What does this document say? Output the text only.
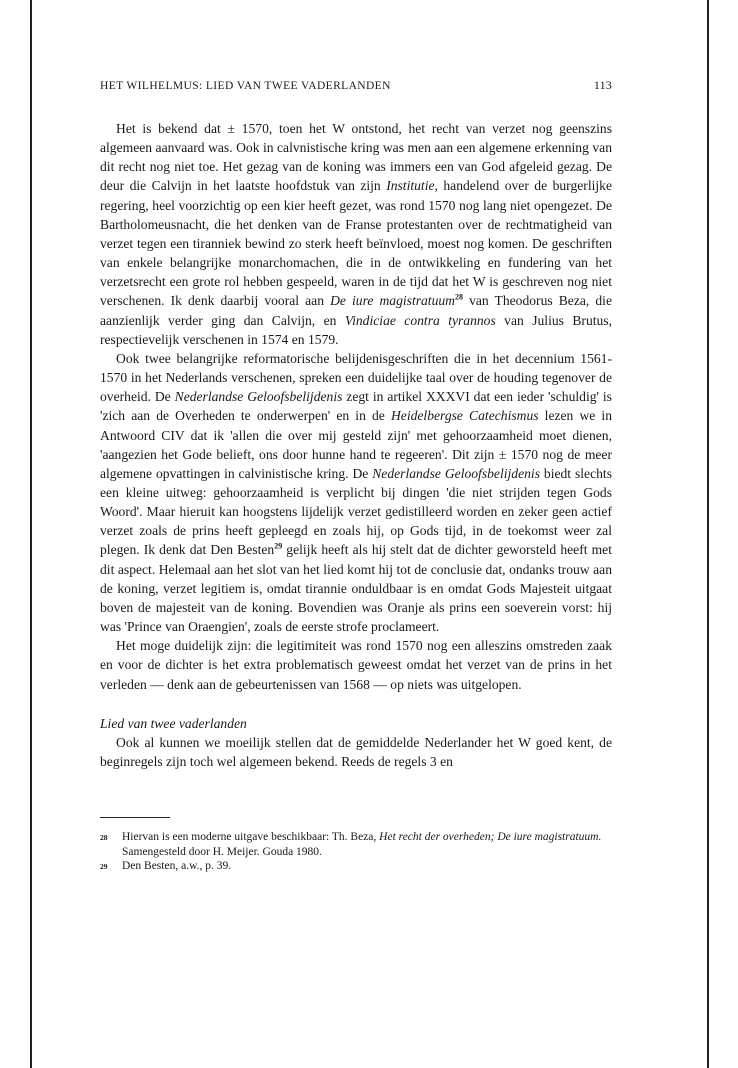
HET WILHELMUS: LIED VAN TWEE VADERLANDEN	113

Het is bekend dat ± 1570, toen het W ontstond, het recht van verzet nog geenszins algemeen aanvaard was. Ook in calvnistische kring was men aan een algemene erkenning van dit recht nog niet toe. Het gezag van de koning was immers een van God afgeleid gezag. De deur die Calvijn in het laatste hoofdstuk van zijn Institutie, handelend over de burgerlijke regering, heel voorzichtig op een kier heeft gezet, was rond 1570 nog lang niet opengezet. De Bartholomeusnacht, die het denken van de Franse protestanten over de rechtmatigheid van verzet tegen een tiranniek bewind zo sterk heeft beïnvloed, moest nog komen. De geschriften van enkele belangrijke monarchomachen, die in de ontwikkeling en fundering van het verzetsrecht een grote rol hebben gespeeld, waren in de tijd dat het W is geschreven nog niet verschenen. Ik denk daarbij vooral aan De iure magistratuum$^{28}$ van Theodorus Beza, die aanzienlijk verder ging dan Calvijn, en Vindiciae contra tyrannos van Julius Brutus, respectievelijk verschenen in 1574 en 1579.

Ook twee belangrijke reformatorische belijdenisgeschriften die in het decennium 1561-1570 in het Nederlands verschenen, spreken een duidelijke taal over de houding tegenover de overheid. De Nederlandse Geloofsbelijdenis zegt in artikel XXXVI dat een ieder 'schuldig' is 'zich aan de Overheden te onderwerpen' en in de Heidelbergse Catechismus lezen we in Antwoord CIV dat ik 'allen die over mij gesteld zijn' met gehoorzaamheid moet dienen, 'aangezien het Gode belieft, ons door hunne hand te regeeren'. Dit zijn ± 1570 nog de meer algemene opvattingen in calvinistische kring. De Nederlandse Geloofsbelijdenis biedt slechts een kleine uitweg: gehoorzaamheid is verplicht bij dingen 'die niet strijden tegen Gods Woord'. Maar hieruit kan hoogstens lijdelijk verzet gedistilleerd worden en zeker geen actief verzet zoals de prins heeft gepleegd en zoals hij, op Gods tijd, in de toekomst weer zal plegen. Ik denk dat Den Besten$^{29}$ gelijk heeft als hij stelt dat de dichter geworsteld heeft met dit aspect. Helemaal aan het slot van het lied komt hij tot de conclusie dat, ondanks trouw aan de koning, verzet legitiem is, omdat tirannie onduldbaar is en omdat Gods Majesteit uitgaat boven de majesteit van de koning. Bovendien was Oranje als prins een soeverein vorst: hij was 'Prince van Oraengien', zoals de eerste strofe proclameert.

Het moge duidelijk zijn: die legitimiteit was rond 1570 nog een alleszins omstreden zaak en voor de dichter is het extra problematisch geweest omdat het verzet van de prins in het verleden — denk aan de gebeurtenissen van 1568 — op niets was uitgelopen.

Lied van twee vaderlanden

Ook al kunnen we moeilijk stellen dat de gemiddelde Nederlander het W goed kent, de beginregels zijn toch wel algemeen bekend. Reeds de regels 3 en

28	Hiervan is een moderne uitgave beschikbaar: Th. Beza, Het recht der overheden; De iure magistratuum. Samengesteld door H. Meijer. Gouda 1980.
29	Den Besten, a.w., p. 39.
